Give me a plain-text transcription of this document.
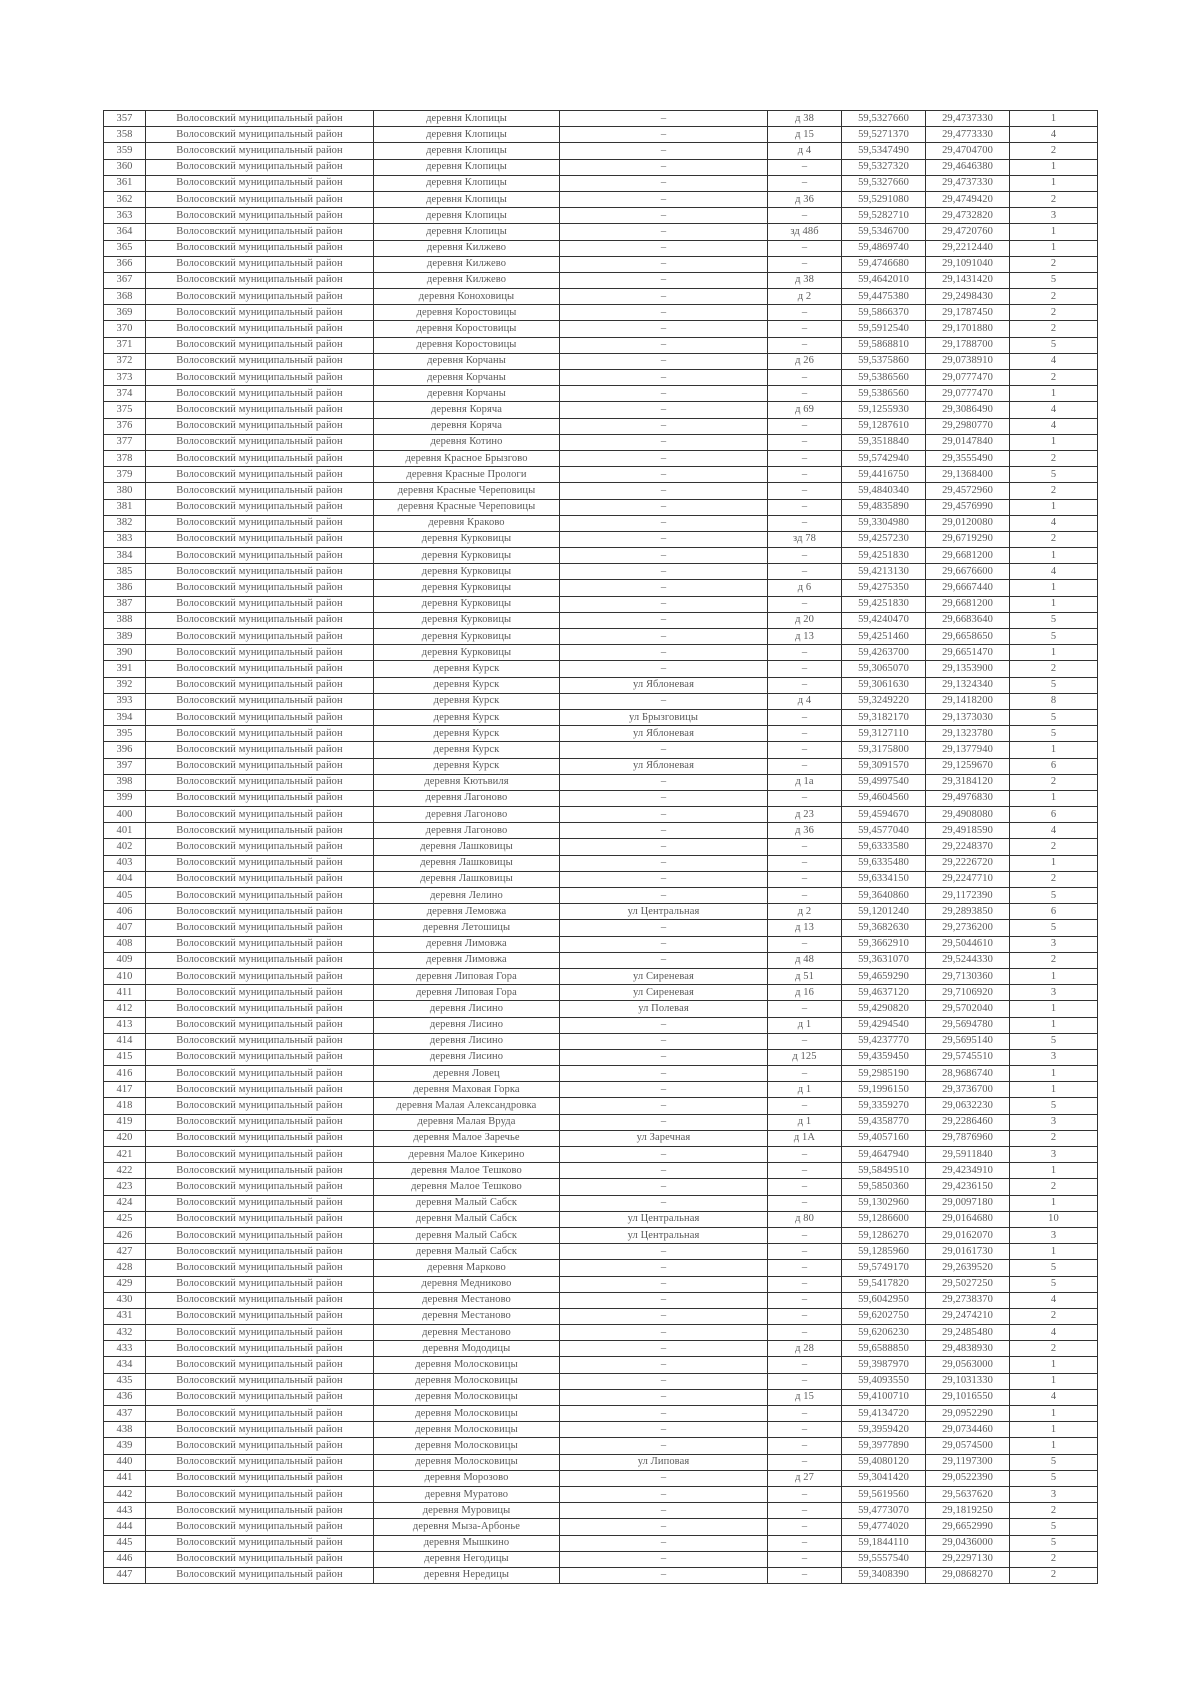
357	Волосовский муниципальный район	деревня Клопицы	–	д 38	59,5327660	29,4737330	1
358	Волосовский муниципальный район	деревня Клопицы	–	д 15	59,5271370	29,4773330	4
359	Волосовский муниципальный район	деревня Клопицы	–	д 4	59,5347490	29,4704700	2
360	Волосовский муниципальный район	деревня Клопицы	–	–	59,5327320	29,4646380	1
361	Волосовский муниципальный район	деревня Клопицы	–	–	59,5327660	29,4737330	1
362	Волосовский муниципальный район	деревня Клопицы	–	д 36	59,5291080	29,4749420	2
363	Волосовский муниципальный район	деревня Клопицы	–	–	59,5282710	29,4732820	3
364	Волосовский муниципальный район	деревня Клопицы	–	зд 48б	59,5346700	29,4720760	1
365	Волосовский муниципальный район	деревня Килжево	–	–	59,4869740	29,2212440	1
366	Волосовский муниципальный район	деревня Килжево	–	–	59,4746680	29,1091040	2
367	Волосовский муниципальный район	деревня Килжево	–	д 38	59,4642010	29,1431420	5
368	Волосовский муниципальный район	деревня Коноховицы	–	д 2	59,4475380	29,2498430	2
369	Волосовский муниципальный район	деревня Коростовицы	–	–	59,5866370	29,1787450	2
370	Волосовский муниципальный район	деревня Коростовицы	–	–	59,5912540	29,1701880	2
371	Волосовский муниципальный район	деревня Коростовицы	–	–	59,5868810	29,1788700	5
372	Волосовский муниципальный район	деревня Корчаны	–	д 26	59,5375860	29,0738910	4
373	Волосовский муниципальный район	деревня Корчаны	–	–	59,5386560	29,0777470	2
374	Волосовский муниципальный район	деревня Корчаны	–	–	59,5386560	29,0777470	1
375	Волосовский муниципальный район	деревня Коряча	–	д 69	59,1255930	29,3086490	4
376	Волосовский муниципальный район	деревня Коряча	–	–	59,1287610	29,2980770	4
377	Волосовский муниципальный район	деревня Котино	–	–	59,3518840	29,0147840	1
378	Волосовский муниципальный район	деревня Красное Брызгово	–	–	59,5742940	29,3555490	2
379	Волосовский муниципальный район	деревня Красные Прологи	–	–	59,4416750	29,1368400	5
380	Волосовский муниципальный район	деревня Красные Череповицы	–	–	59,4840340	29,4572960	2
381	Волосовский муниципальный район	деревня Красные Череповицы	–	–	59,4835890	29,4576990	1
382	Волосовский муниципальный район	деревня Краково	–	–	59,3304980	29,0120080	4
383	Волосовский муниципальный район	деревня Курковицы	–	зд 78	59,4257230	29,6719290	2
384	Волосовский муниципальный район	деревня Курковицы	–	–	59,4251830	29,6681200	1
385	Волосовский муниципальный район	деревня Курковицы	–	–	59,4213130	29,6676600	4
386	Волосовский муниципальный район	деревня Курковицы	–	д 6	59,4275350	29,6667440	1
387	Волосовский муниципальный район	деревня Курковицы	–	–	59,4251830	29,6681200	1
388	Волосовский муниципальный район	деревня Курковицы	–	д 20	59,4240470	29,6683640	5
389	Волосовский муниципальный район	деревня Курковицы	–	д 13	59,4251460	29,6658650	5
390	Волосовский муниципальный район	деревня Курковицы	–	–	59,4263700	29,6651470	1
391	Волосовский муниципальный район	деревня Курск	–	–	59,3065070	29,1353900	2
392	Волосовский муниципальный район	деревня Курск	ул Яблоневая	–	59,3061630	29,1324340	5
393	Волосовский муниципальный район	деревня Курск	–	д 4	59,3249220	29,1418200	8
394	Волосовский муниципальный район	деревня Курск	ул Брызговицы	–	59,3182170	29,1373030	5
395	Волосовский муниципальный район	деревня Курск	ул Яблоневая	–	59,3127110	29,1323780	5
396	Волосовский муниципальный район	деревня Курск	–	–	59,3175800	29,1377940	1
397	Волосовский муниципальный район	деревня Курск	ул Яблоневая	–	59,3091570	29,1259670	6
398	Волосовский муниципальный район	деревня Кютьвиля	–	д 1а	59,4997540	29,3184120	2
399	Волосовский муниципальный район	деревня Лагоново	–	–	59,4604560	29,4976830	1
400	Волосовский муниципальный район	деревня Лагоново	–	д 23	59,4594670	29,4908080	6
401	Волосовский муниципальный район	деревня Лагоново	–	д 36	59,4577040	29,4918590	4
402	Волосовский муниципальный район	деревня Лашковицы	–	–	59,6333580	29,2248370	2
403	Волосовский муниципальный район	деревня Лашковицы	–	–	59,6335480	29,2226720	1
404	Волосовский муниципальный район	деревня Лашковицы	–	–	59,6334150	29,2247710	2
405	Волосовский муниципальный район	деревня Лелино	–	–	59,3640860	29,1172390	5
406	Волосовский муниципальный район	деревня Лемовжа	ул Центральная	д 2	59,1201240	29,2893850	6
407	Волосовский муниципальный район	деревня Летошицы	–	д 13	59,3682630	29,2736200	5
408	Волосовский муниципальный район	деревня Лимовжа	–	–	59,3662910	29,5044610	3
409	Волосовский муниципальный район	деревня Лимовжа	–	д 48	59,3631070	29,5244330	2
410	Волосовский муниципальный район	деревня Липовая Гора	ул Сиреневая	д 51	59,4659290	29,7130360	1
411	Волосовский муниципальный район	деревня Липовая Гора	ул Сиреневая	д 16	59,4637120	29,7106920	3
412	Волосовский муниципальный район	деревня Лисино	ул Полевая	–	59,4290820	29,5702040	1
413	Волосовский муниципальный район	деревня Лисино	–	д 1	59,4294540	29,5694780	1
414	Волосовский муниципальный район	деревня Лисино	–	–	59,4237770	29,5695140	5
415	Волосовский муниципальный район	деревня Лисино	–	д 125	59,4359450	29,5745510	3
416	Волосовский муниципальный район	деревня Ловец	–	–	59,2985190	28,9686740	1
417	Волосовский муниципальный район	деревня Маховая Горка	–	д 1	59,1996150	29,3736700	1
418	Волосовский муниципальный район	деревня Малая Александровка	–	–	59,3359270	29,0632230	5
419	Волосовский муниципальный район	деревня Малая Вруда	–	д 1	59,4358770	29,2286460	3
420	Волосовский муниципальный район	деревня Малое Заречье	ул Заречная	д 1А	59,4057160	29,7876960	2
421	Волосовский муниципальный район	деревня Малое Кикерино	–	–	59,4647940	29,5911840	3
422	Волосовский муниципальный район	деревня Малое Тешково	–	–	59,5849510	29,4234910	1
423	Волосовский муниципальный район	деревня Малое Тешково	–	–	59,5850360	29,4236150	2
424	Волосовский муниципальный район	деревня Малый Сабск	–	–	59,1302960	29,0097180	1
425	Волосовский муниципальный район	деревня Малый Сабск	ул Центральная	д 80	59,1286600	29,0164680	10
426	Волосовский муниципальный район	деревня Малый Сабск	ул Центральная	–	59,1286270	29,0162070	3
427	Волосовский муниципальный район	деревня Малый Сабск	–	–	59,1285960	29,0161730	1
428	Волосовский муниципальный район	деревня Марково	–	–	59,5749170	29,2639520	5
429	Волосовский муниципальный район	деревня Медниково	–	–	59,5417820	29,5027250	5
430	Волосовский муниципальный район	деревня Местаново	–	–	59,6042950	29,2738370	4
431	Волосовский муниципальный район	деревня Местаново	–	–	59,6202750	29,2474210	2
432	Волосовский муниципальный район	деревня Местаново	–	–	59,6206230	29,2485480	4
433	Волосовский муниципальный район	деревня Мододицы	–	д 28	59,6588850	29,4838930	2
434	Волосовский муниципальный район	деревня Молосковицы	–	–	59,3987970	29,0563000	1
435	Волосовский муниципальный район	деревня Молосковицы	–	–	59,4093550	29,1031330	1
436	Волосовский муниципальный район	деревня Молосковицы	–	д 15	59,4100710	29,1016550	4
437	Волосовский муниципальный район	деревня Молосковицы	–	–	59,4134720	29,0952290	1
438	Волосовский муниципальный район	деревня Молосковицы	–	–	59,3959420	29,0734460	1
439	Волосовский муниципальный район	деревня Молосковицы	–	–	59,3977890	29,0574500	1
440	Волосовский муниципальный район	деревня Молосковицы	ул Липовая	–	59,4080120	29,1197300	5
441	Волосовский муниципальный район	деревня Морозово	–	д 27	59,3041420	29,0522390	5
442	Волосовский муниципальный район	деревня Муратово	–	–	59,5619560	29,5637620	3
443	Волосовский муниципальный район	деревня Муровицы	–	–	59,4773070	29,1819250	2
444	Волосовский муниципальный район	деревня Мыза-Арбонье	–	–	59,4774020	29,6652990	5
445	Волосовский муниципальный район	деревня Мышкино	–	–	59,1844110	29,0436000	5
446	Волосовский муниципальный район	деревня Негодицы	–	–	59,5557540	29,2297130	2
447	Волосовский муниципальный район	деревня Нередицы	–	–	59,3408390	29,0868270	2
